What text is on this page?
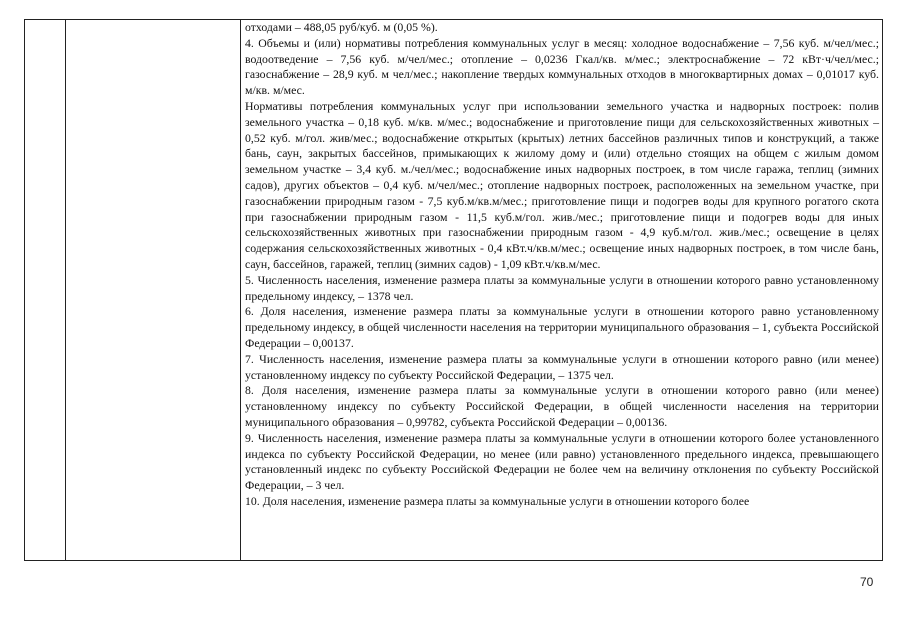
отходами – 488,05 руб/куб. м (0,05 %).

4. Объемы и (или) нормативы потребления коммунальных услуг в месяц: холодное водоснабжение – 7,56 куб. м/чел/мес.; водоотведение – 7,56 куб. м/чел/мес.; отопление – 0,0236 Гкал/кв. м/мес.; электроснабжение – 72 кВт·ч/чел/мес.; газоснабжение – 28,9 куб. м чел/мес.; накопление твердых коммунальных отходов в многоквартирных домах – 0,01017 куб. м/кв. м/мес.

Нормативы потребления коммунальных услуг при использовании земельного участка и надворных построек: полив земельного участка – 0,18 куб. м/кв. м/мес.; водоснабжение и приготовление пищи для сельскохозяйственных животных – 0,52 куб. м/гол. жив/мес.; водоснабжение открытых (крытых) летних бассейнов различных типов и конструкций, а также бань, саун, закрытых бассейнов, примыкающих к жилому дому и (или) отдельно стоящих на общем с жилым домом земельном участке – 3,4 куб. м./чел/мес.; водоснабжение иных надворных построек, в том числе гаража, теплиц (зимних садов), других объектов – 0,4 куб. м/чел/мес.; отопление надворных построек, расположенных на земельном участке, при газоснабжении природным газом - 7,5 куб.м/кв.м/мес.; приготовление пищи и подогрев воды для крупного рогатого скота при газоснабжении природным газом - 11,5 куб.м/гол. жив./мес.; приготовление пищи и подогрев воды для иных сельскохозяйственных животных при газоснабжении природным газом - 4,9 куб.м/гол. жив./мес.; освещение в целях содержания сельскохозяйственных животных - 0,4 кВт.ч/кв.м/мес.; освещение иных надворных построек, в том числе бань, саун, бассейнов, гаражей, теплиц (зимних садов) - 1,09 кВт.ч/кв.м/мес.

5. Численность населения, изменение размера платы за коммунальные услуги в отношении которого равно установленному предельному индексу, – 1378 чел.

6. Доля населения, изменение размера платы за коммунальные услуги в отношении которого равно установленному предельному индексу, в общей численности населения на территории муниципального образования – 1, субъекта Российской Федерации – 0,00137.

7. Численность населения, изменение размера платы за коммунальные услуги в отношении которого равно (или менее) установленному индексу по субъекту Российской Федерации, – 1375 чел.

8. Доля населения, изменение размера платы за коммунальные услуги в отношении которого равно (или менее) установленному индексу по субъекту Российской Федерации, в общей численности населения на территории муниципального образования – 0,99782, субъекта Российской Федерации – 0,00136.

9. Численность населения, изменение размера платы за коммунальные услуги в отношении которого более установленного индекса по субъекту Российской Федерации, но менее (или равно) установленного предельного индекса, превышающего установленный индекс по субъекту Российской Федерации не более чем на величину отклонения по субъекту Российской Федерации, – 3 чел.

10. Доля населения, изменение размера платы за коммунальные услуги в отношении которого более

70
